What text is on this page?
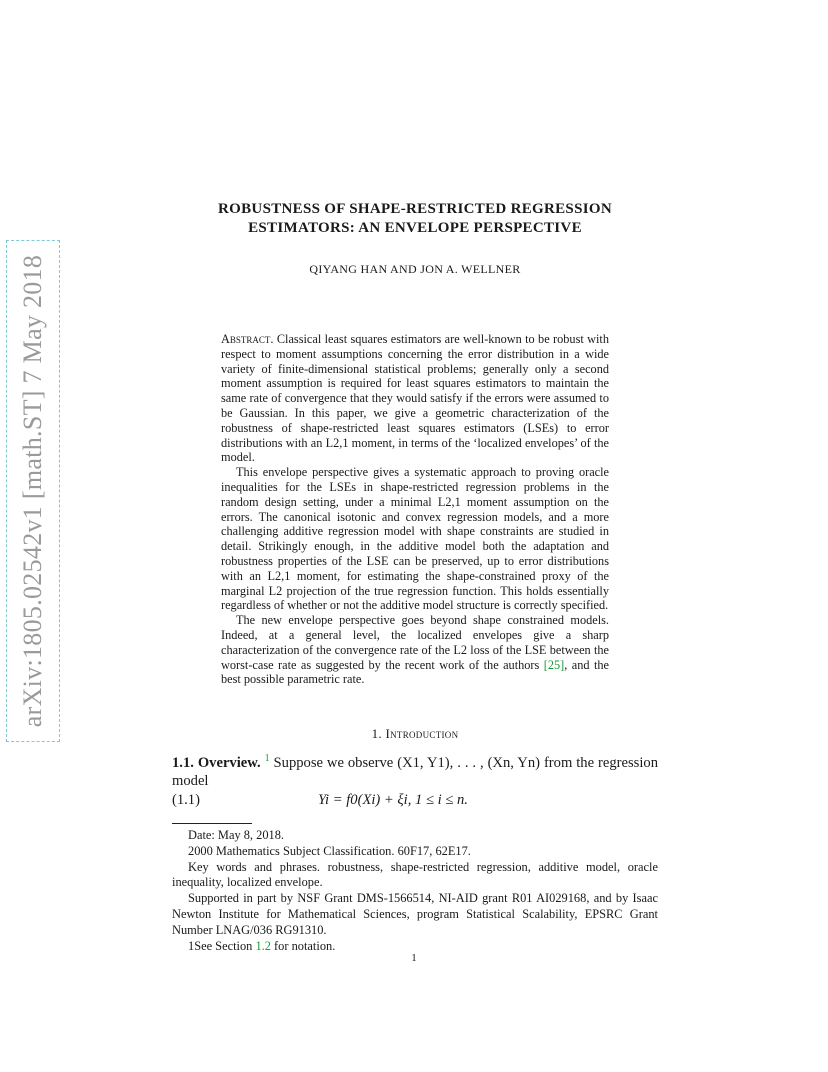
arXiv:1805.02542v1 [math.ST] 7 May 2018
ROBUSTNESS OF SHAPE-RESTRICTED REGRESSION
ESTIMATORS: AN ENVELOPE PERSPECTIVE
QIYANG HAN AND JON A. WELLNER

Abstract. Classical least squares estimators are well-known to be robust with respect to moment assumptions concerning the error distribution in a wide variety of finite-dimensional statistical problems; generally only a second moment assumption is required for least squares estimators to maintain the same rate of convergence that they would satisfy if the errors were assumed to be Gaussian. In this paper, we give a geometric characterization of the robustness of shape-restricted least squares estimators (LSEs) to error distributions with an L2,1 moment, in terms of the ‘localized envelopes’ of the model.

This envelope perspective gives a systematic approach to proving oracle inequalities for the LSEs in shape-restricted regression problems in the random design setting, under a minimal L2,1 moment assumption on the errors. The canonical isotonic and convex regression models, and a more challenging additive regression model with shape constraints are studied in detail. Strikingly enough, in the additive model both the adaptation and robustness properties of the LSE can be preserved, up to error distributions with an L2,1 moment, for estimating the shape-constrained proxy of the marginal L2 projection of the true regression function. This holds essentially regardless of whether or not the additive model structure is correctly specified.

The new envelope perspective goes beyond shape constrained models. Indeed, at a general level, the localized envelopes give a sharp characterization of the convergence rate of the L2 loss of the LSE between the worst-case rate as suggested by the recent work of the authors [25], and the best possible parametric rate.

1. Introduction
1.1. Overview. $^1$ Suppose we observe (X1, Y1), . . . , (Xn, Yn) from the regression model
(1.1)	Yi = f0(Xi) + ξi, 1 ≤ i ≤ n.

Date: May 8, 2018.

2000 Mathematics Subject Classification. 60F17, 62E17.

Key words and phrases. robustness, shape-restricted regression, additive model, oracle inequality, localized envelope.

Supported in part by NSF Grant DMS-1566514, NI-AID grant R01 AI029168, and by Isaac Newton Institute for Mathematical Sciences, program Statistical Scalability, EPSRC Grant Number LNAG/036 RG91310.

1See Section 1.2 for notation.

1
